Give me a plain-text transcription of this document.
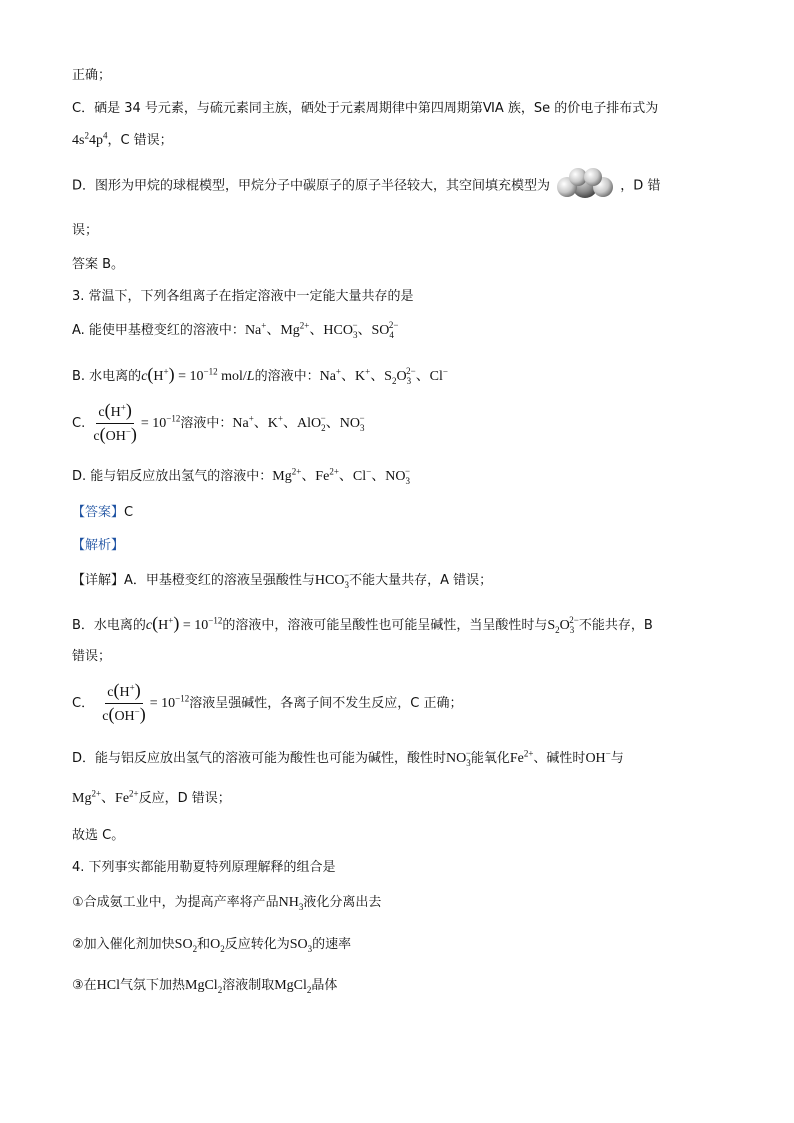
正确；
C．硒是 34 号元素，与硫元素同主族，硒处于元素周期律中第四周期第ⅥA 族，Se 的价电子排布式为
$4s^24p^4$，C 错误；
D．图形为甲烷的球棍模型，甲烷分子中碳原子的原子半径较大，其空间填充模型为	，D 错
误；
答案 B。
3. 常温下，下列各组离子在指定溶液中一定能大量共存的是
A. 能使甲基橙变红的溶液中：Na+、$Mg^{2+}$、$HCO_3^-$、$SO_4^{2-}$
B. 水电离的$c(H^+) = 10^{-12}$ mol/L的溶液中：Na+、K+、$S_2O_3^{2-}$、Cl−
C. $\frac{c(H^+)}{c(OH^-)} = 10^{-12}$溶液中：Na+、K+、AlO$_2$−、$NO_3^-$
D. 能与铝反应放出氢气的溶液中：$Mg^{2+}$、$Fe^{2+}$、Cl−、$NO_3^-$
【答案】C
【解析】
【详解】A．甲基橙变红的溶液呈强酸性与$HCO_3^-$不能大量共存，A 错误；
B．水电离的$c(H^+) = 10^{-12}$的溶液中，溶液可能呈酸性也可能呈碱性，当呈酸性时与$S_2O_3^{2-}$不能共存，B
错误；
C． $\frac{c(H^+)}{c(OH^-)} = 10^{-12}$溶液呈强碱性，各离子间不发生反应，C 正确；
D．能与铝反应放出氢气的溶液可能为酸性也可能为碱性，酸性时$NO_3^-$能氧化$Fe^{2+}$、碱性时OH−与
$Mg^{2+}$、$Fe^{2+}$反应，D 错误；
故选 C。
4. 下列事实都能用勒夏特列原理解释的组合是
①合成氨工业中，为提高产率将产品$NH_3$液化分离出去
②加入催化剂加快$SO_2$和$O_2$反应转化为$SO_3$的速率
③在HCl气氛下加热MgCl$_2$溶液制取MgCl$_2$晶体
